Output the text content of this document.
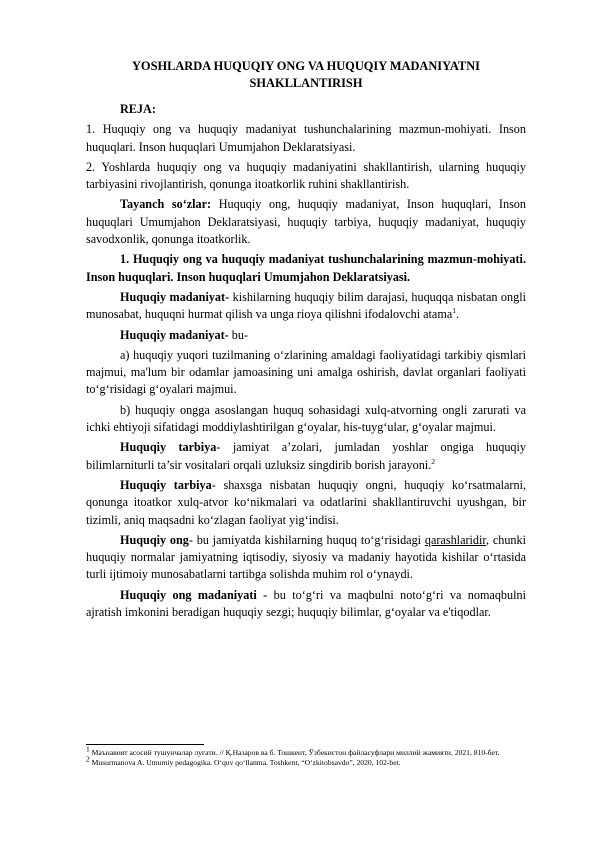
YOSHLARDA HUQUQIY ONG VA HUQUQIY MADANIYATNI SHAKLLANTIRISH

REJA:

1. Huquqiy ong va huquqiy madaniyat tushunchalarining mazmun-mohiyati. Inson huquqlari. Inson huquqlari Umumjahon Deklaratsiyasi.

2. Yoshlarda huquqiy ong va huquqiy madaniyatini shakllantirish, ularning huquqiy tarbiyasini rivojlantirish, qonunga itoatkorlik ruhini shakllantirish.

Tayanch so‘zlar: Huquqiy ong, huquqiy madaniyat, Inson huquqlari, Inson huquqlari Umumjahon Deklaratsiyasi, huquqiy tarbiya, huquqiy madaniyat, huquqiy savodxonlik, qonunga itoatkorlik.

1. Huquqiy ong va huquqiy madaniyat tushunchalarining mazmun-mohiyati. Inson huquqlari. Inson huquqlari Umumjahon Deklaratsiyasi.

Huquqiy madaniyat- kishilarning huquqiy bilim darajasi, huquqqa nisbatan ongli munosabat, huquqni hurmat qilish va unga rioya qilishni ifodalovchi atama$^1$.

Huquqiy madaniyat- bu-

a) huquqiy yuqori tuzilmaning o‘zlarining amaldagi faoliyatidagi tarkibiy qismlari majmui, ma'lum bir odamlar jamoasining uni amalga oshirish, davlat organlari faoliyati to‘g‘risidagi g‘oyalari majmui.

b) huquqiy ongga asoslangan huquq sohasidagi xulq-atvorning ongli zarurati va ichki ehtiyoji sifatidagi moddiylashtirilgan g‘oyalar, his-tuyg‘ular, g‘oyalar majmui.

Huquqiy tarbiya- jamiyat a’zolari, jumladan yoshlar ongiga huquqiy bilimlarniturli ta’sir vositalari orqali uzluksiz singdirib borish jarayoni.$^2$

Huquqiy tarbiya- shaxsga nisbatan huquqiy ongni, huquqiy ko‘rsatmalarni, qonunga itoatkor xulq-atvor ko‘nikmalari va odatlarini shakllantiruvchi uyushgan, bir tizimli, aniq maqsadni ko‘zlagan faoliyat yig‘indisi.

Huquqiy ong- bu jamiyatda kishilarning huquq to‘g‘risidagi qarashlaridir, chunki huquqiy normalar jamiyatning iqtisodiy, siyosiy va madaniy hayotida kishilar o‘rtasida turli ijtimoiy munosabatlarni tartibga solishda muhim rol o‘ynaydi.

Huquqiy ong madaniyati - bu to‘g‘ri va maqbulni noto‘g‘ri va nomaqbulni ajratish imkonini beradigan huquqiy sezgi; huquqiy bilimlar, g‘oyalar va e'tiqodlar.

$^1$ Маънавият асосий тушунчалар луғати. // Қ.Назаров ва б. Тошкент, Ўзбекистон файласуфлари миллий жамияти, 2021, 810-бет.
$^2$ Musurmanova A. Umumiy pedagogika. O‘quv qo‘llanma. Toshkent, “O‘zkitobsavdo”, 2020, 102-bet.
